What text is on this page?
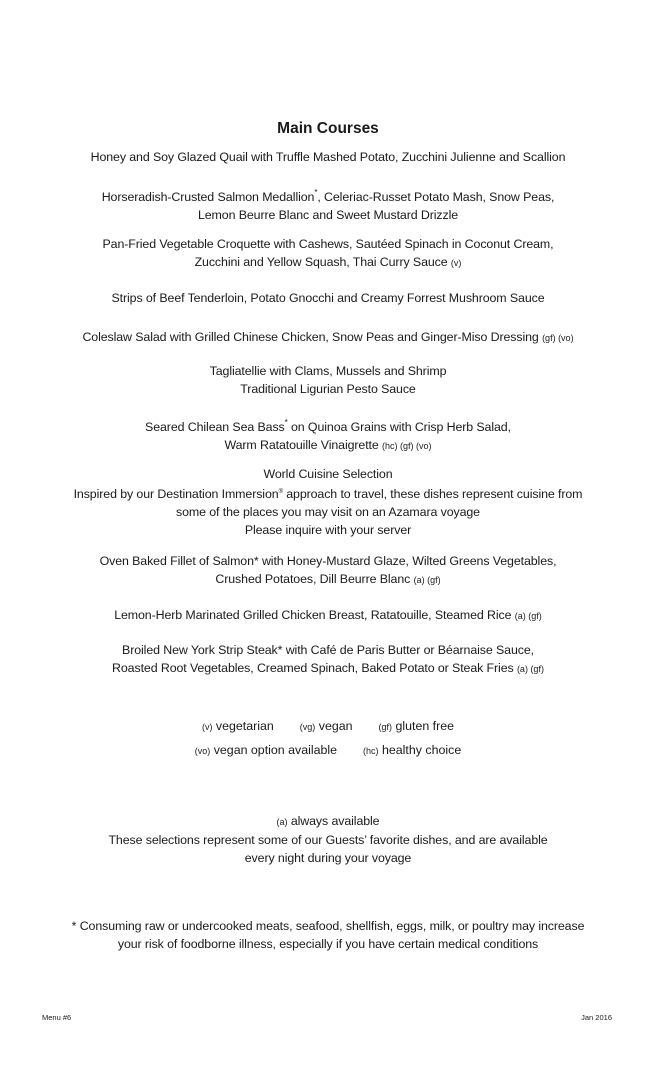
Main Courses
Honey and Soy Glazed Quail with Truffle Mashed Potato, Zucchini Julienne and Scallion
Horseradish-Crusted Salmon Medallion*, Celeriac-Russet Potato Mash, Snow Peas,
Lemon Beurre Blanc and Sweet Mustard Drizzle
Pan-Fried Vegetable Croquette with Cashews, Sautéed Spinach in Coconut Cream,
Zucchini and Yellow Squash, Thai Curry Sauce (v)
Strips of Beef Tenderloin, Potato Gnocchi and Creamy Forrest Mushroom Sauce
Coleslaw Salad with Grilled Chinese Chicken, Snow Peas and Ginger-Miso Dressing (gf) (vo)
Tagliatellie with Clams, Mussels and Shrimp
Traditional Ligurian Pesto Sauce
Seared Chilean Sea Bass* on Quinoa Grains with Crisp Herb Salad,
Warm Ratatouille Vinaigrette (hc) (gf) (vo)
World Cuisine Selection
Inspired by our Destination Immersion® approach to travel, these dishes represent cuisine from
some of the places you may visit on an Azamara voyage
Please inquire with your server
Oven Baked Fillet of Salmon* with Honey-Mustard Glaze, Wilted Greens Vegetables,
Crushed Potatoes, Dill Beurre Blanc (a) (gf)
Lemon-Herb Marinated Grilled Chicken Breast, Ratatouille, Steamed Rice (a) (gf)
Broiled New York Strip Steak* with Café de Paris Butter or Béarnaise Sauce,
Roasted Root Vegetables, Creamed Spinach, Baked Potato or Steak Fries (a) (gf)
(v) vegetarian	(vg) vegan	(gf) gluten free
(vo) vegan option available	(hc) healthy choice
(a) always available
These selections represent some of our Guests’ favorite dishes, and are available
every night during your voyage
* Consuming raw or undercooked meats, seafood, shellfish, eggs, milk, or poultry may increase
your risk of foodborne illness, especially if you have certain medical conditions
Menu #6	Jan 2016
